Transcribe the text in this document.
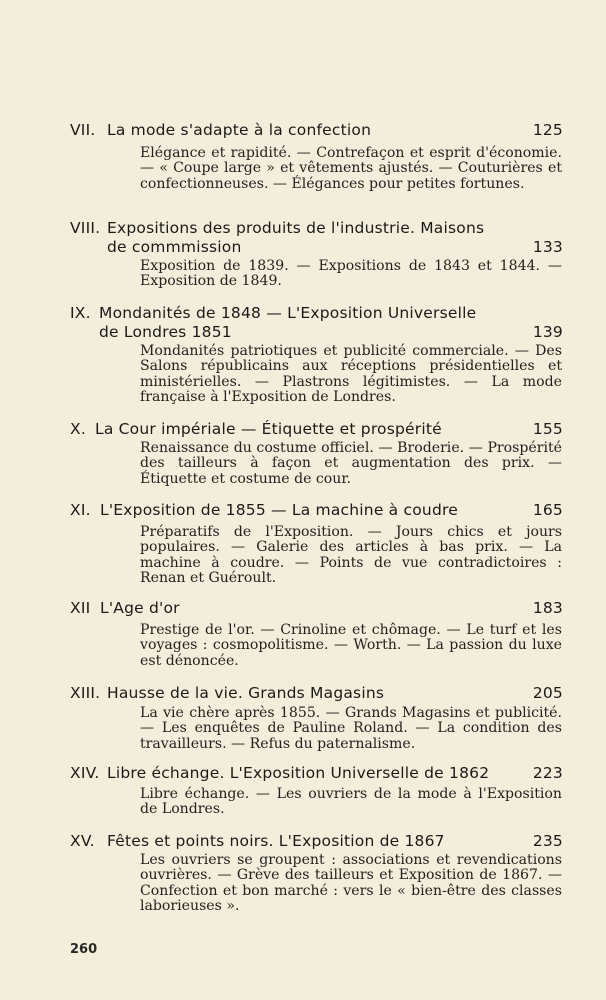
VII. La mode s'adapte à la confection	125
Elégance et rapidité. — Contrefaçon et esprit d'économie. — « Coupe large » et vêtements ajustés. — Couturières et confectionneuses. — Élégances pour petites fortunes.
VIII. Expositions des produits de l'industrie. Maisons
de commmission	133
Exposition de 1839. — Expositions de 1843 et 1844. — Exposition de 1849.
IX. Mondanités de 1848 — L'Exposition Universelle
de Londres 1851	139
Mondanités patriotiques et publicité commerciale. — Des Salons républicains aux réceptions présidentielles et ministérielles. — Plastrons légitimistes. — La mode française à l'Exposition de Londres.
X. La Cour impériale — Étiquette et prospérité	155
Renaissance du costume officiel. — Broderie. — Prospérité des tailleurs à façon et augmentation des prix. — Étiquette et costume de cour.
XI. L'Exposition de 1855 — La machine à coudre	165
Préparatifs de l'Exposition. — Jours chics et jours populaires. — Galerie des articles à bas prix. — La machine à coudre. — Points de vue contradictoires : Renan et Guéroult.
XII L'Age d'or	183
Prestige de l'or. — Crinoline et chômage. — Le turf et les voyages : cosmopolitisme. — Worth. — La passion du luxe est dénoncée.
XIII. Hausse de la vie. Grands Magasins	205
La vie chère après 1855. — Grands Magasins et publicité. — Les enquêtes de Pauline Roland. — La condition des travailleurs. — Refus du paternalisme.
XIV. Libre échange. L'Exposition Universelle de 1862	223
Libre échange. — Les ouvriers de la mode à l'Exposition de Londres.
XV. Fêtes et points noirs. L'Exposition de 1867	235
Les ouvriers se groupent : associations et revendications ouvrières. — Grève des tailleurs et Exposition de 1867. — Confection et bon marché : vers le « bien-être des classes laborieuses ».
260
